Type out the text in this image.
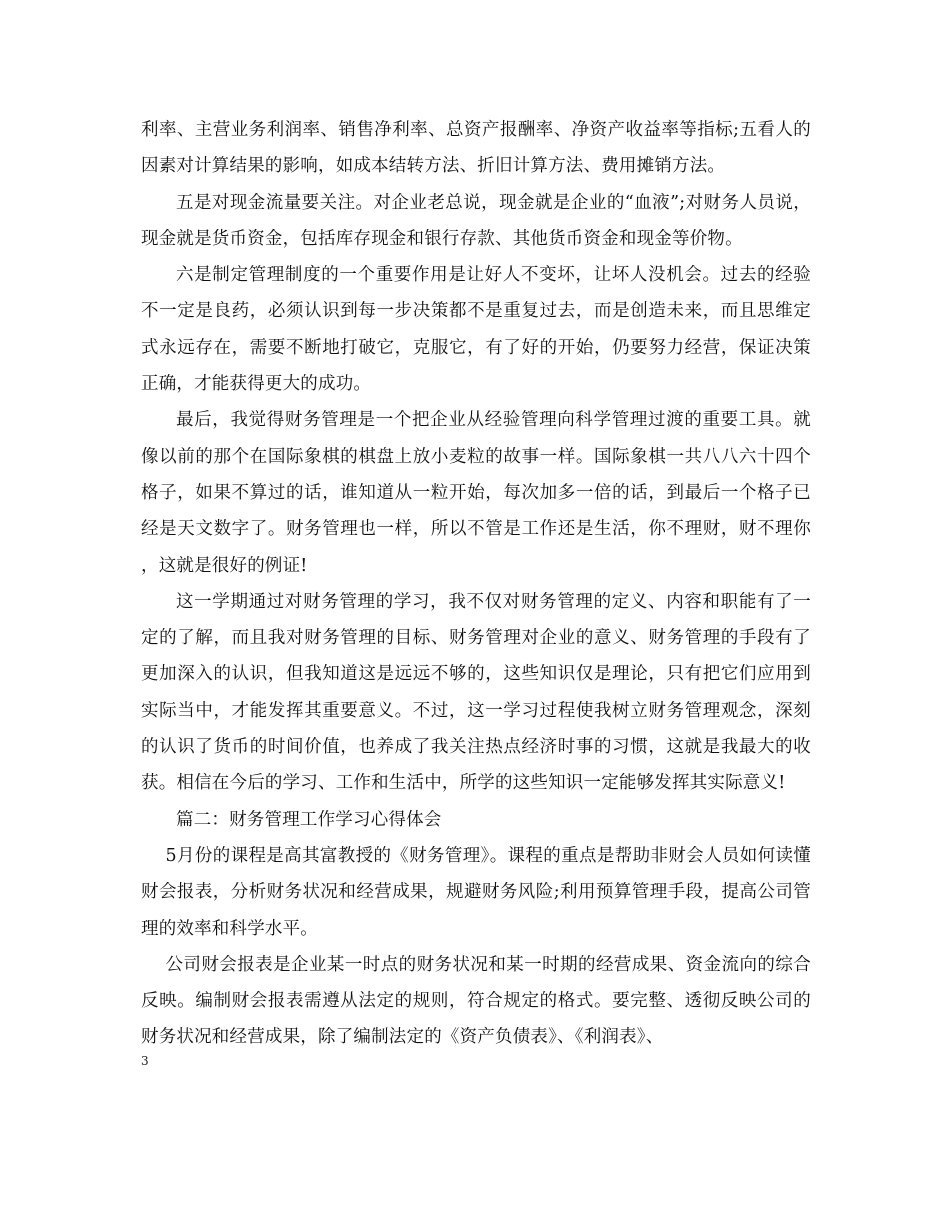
利率、主营业务利润率、销售净利率、总资产报酬率、净资产收益率等指标;五看人的因素对计算结果的影响，如成本结转方法、折旧计算方法、费用摊销方法。

五是对现金流量要关注。对企业老总说，现金就是企业的“血液”;对财务人员说，现金就是货币资金，包括库存现金和银行存款、其他货币资金和现金等价物。

六是制定管理制度的一个重要作用是让好人不变坏，让坏人没机会。过去的经验不一定是良药，必须认识到每一步决策都不是重复过去，而是创造未来，而且思维定式永远存在，需要不断地打破它，克服它，有了好的开始，仍要努力经营，保证决策正确，才能获得更大的成功。

最后，我觉得财务管理是一个把企业从经验管理向科学管理过渡的重要工具。就像以前的那个在国际象棋的棋盘上放小麦粒的故事一样。国际象棋一共八八六十四个格子，如果不算过的话，谁知道从一粒开始，每次加多一倍的话，到最后一个格子已经是天文数字了。财务管理也一样，所以不管是工作还是生活，你不理财，财不理你，这就是很好的例证!

这一学期通过对财务管理的学习，我不仅对财务管理的定义、内容和职能有了一定的了解，而且我对财务管理的目标、财务管理对企业的意义、财务管理的手段有了更加深入的认识，但我知道这是远远不够的，这些知识仅是理论，只有把它们应用到实际当中，才能发挥其重要意义。不过，这一学习过程使我树立财务管理观念，深刻的认识了货币的时间价值，也养成了我关注热点经济时事的习惯，这就是我最大的收获。相信在今后的学习、工作和生活中，所学的这些知识一定能够发挥其实际意义!

篇二：财务管理工作学习心得体会

5月份的课程是高其富教授的《财务管理》。课程的重点是帮助非财会人员如何读懂财会报表，分析财务状况和经营成果，规避财务风险;利用预算管理手段，提高公司管理的效率和科学水平。

公司财会报表是企业某一时点的财务状况和某一时期的经营成果、资金流向的综合反映。编制财会报表需遵从法定的规则，符合规定的格式。要完整、透彻反映公司的财务状况和经营成果，除了编制法定的《资产负债表》、《利润表》、

3
